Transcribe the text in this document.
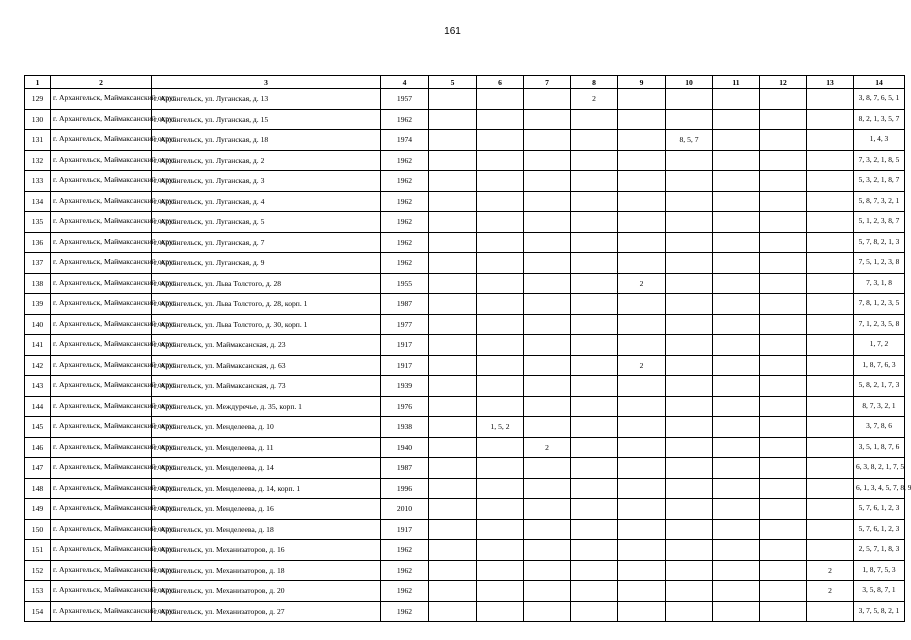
161
1	2	3	4	5	6	7	8	9	10	11	12	13	14
129	г. Архангельск, Маймаксанский округ	г. Архангельск, ул. Луганская, д. 13	1957				2						3, 8, 7, 6, 5, 1
130	г. Архангельск, Маймаксанский округ	г. Архангельск, ул. Луганская, д. 15	1962										8, 2, 1, 3, 5, 7
131	г. Архангельск, Маймаксанский округ	г. Архангельск, ул. Луганская, д. 18	1974						8, 5, 7				1, 4, 3
132	г. Архангельск, Маймаксанский округ	г. Архангельск, ул. Луганская, д. 2	1962										7, 3, 2, 1, 8, 5
133	г. Архангельск, Маймаксанский округ	г. Архангельск, ул. Луганская, д. 3	1962										5, 3, 2, 1, 8, 7
134	г. Архангельск, Маймаксанский округ	г. Архангельск, ул. Луганская, д. 4	1962										5, 8, 7, 3, 2, 1
135	г. Архангельск, Маймаксанский округ	г. Архангельск, ул. Луганская, д. 5	1962										5, 1, 2, 3, 8, 7
136	г. Архангельск, Маймаксанский округ	г. Архангельск, ул. Луганская, д. 7	1962										5, 7, 8, 2, 1, 3
137	г. Архангельск, Маймаксанский округ	г. Архангельск, ул. Луганская, д. 9	1962										7, 5, 1, 2, 3, 8
138	г. Архангельск, Маймаксанский округ	г. Архангельск, ул. Льва Толстого, д. 28	1955					2					7, 3, 1, 8
139	г. Архангельск, Маймаксанский округ	г. Архангельск, ул. Льва Толстого, д. 28, корп. 1	1987										7, 8, 1, 2, 3, 5
140	г. Архангельск, Маймаксанский округ	г. Архангельск, ул. Льва Толстого, д. 30, корп. 1	1977										7, 1, 2, 3, 5, 8
141	г. Архангельск, Маймаксанский округ	г. Архангельск, ул. Маймаксанская, д. 23	1917										1, 7, 2
142	г. Архангельск, Маймаксанский округ	г. Архангельск, ул. Маймаксанская, д. 63	1917					2					1, 8, 7, 6, 3
143	г. Архангельск, Маймаксанский округ	г. Архангельск, ул. Маймаксанская, д. 73	1939										5, 8, 2, 1, 7, 3
144	г. Архангельск, Маймаксанский округ	г. Архангельск, ул. Междуречье, д. 35, корп. 1	1976										8, 7, 3, 2, 1
145	г. Архангельск, Маймаксанский округ	г. Архангельск, ул. Менделеева, д. 10	1938		1, 5, 2								3, 7, 8, 6
146	г. Архангельск, Маймаксанский округ	г. Архангельск, ул. Менделеева, д. 11	1940			2							3, 5, 1, 8, 7, 6
147	г. Архангельск, Маймаксанский округ	г. Архангельск, ул. Менделеева, д. 14	1987										6, 3, 8, 2, 1, 7, 5
148	г. Архангельск, Маймаксанский округ	г. Архангельск, ул. Менделеева, д. 14, корп. 1	1996										6, 1, 3, 4, 5, 7, 8, 9
149	г. Архангельск, Маймаксанский округ	г. Архангельск, ул. Менделеева, д. 16	2010										5, 7, 6, 1, 2, 3
150	г. Архангельск, Маймаксанский округ	г. Архангельск, ул. Менделеева, д. 18	1917										5, 7, 6, 1, 2, 3
151	г. Архангельск, Маймаксанский округ	г. Архангельск, ул. Механизаторов, д. 16	1962										2, 5, 7, 1, 8, 3
152	г. Архангельск, Маймаксанский округ	г. Архангельск, ул. Механизаторов, д. 18	1962									2	1, 8, 7, 5, 3
153	г. Архангельск, Маймаксанский округ	г. Архангельск, ул. Механизаторов, д. 20	1962									2	3, 5, 8, 7, 1
154	г. Архангельск, Маймаксанский округ	г. Архангельск, ул. Механизаторов, д. 27	1962										3, 7, 5, 8, 2, 1
